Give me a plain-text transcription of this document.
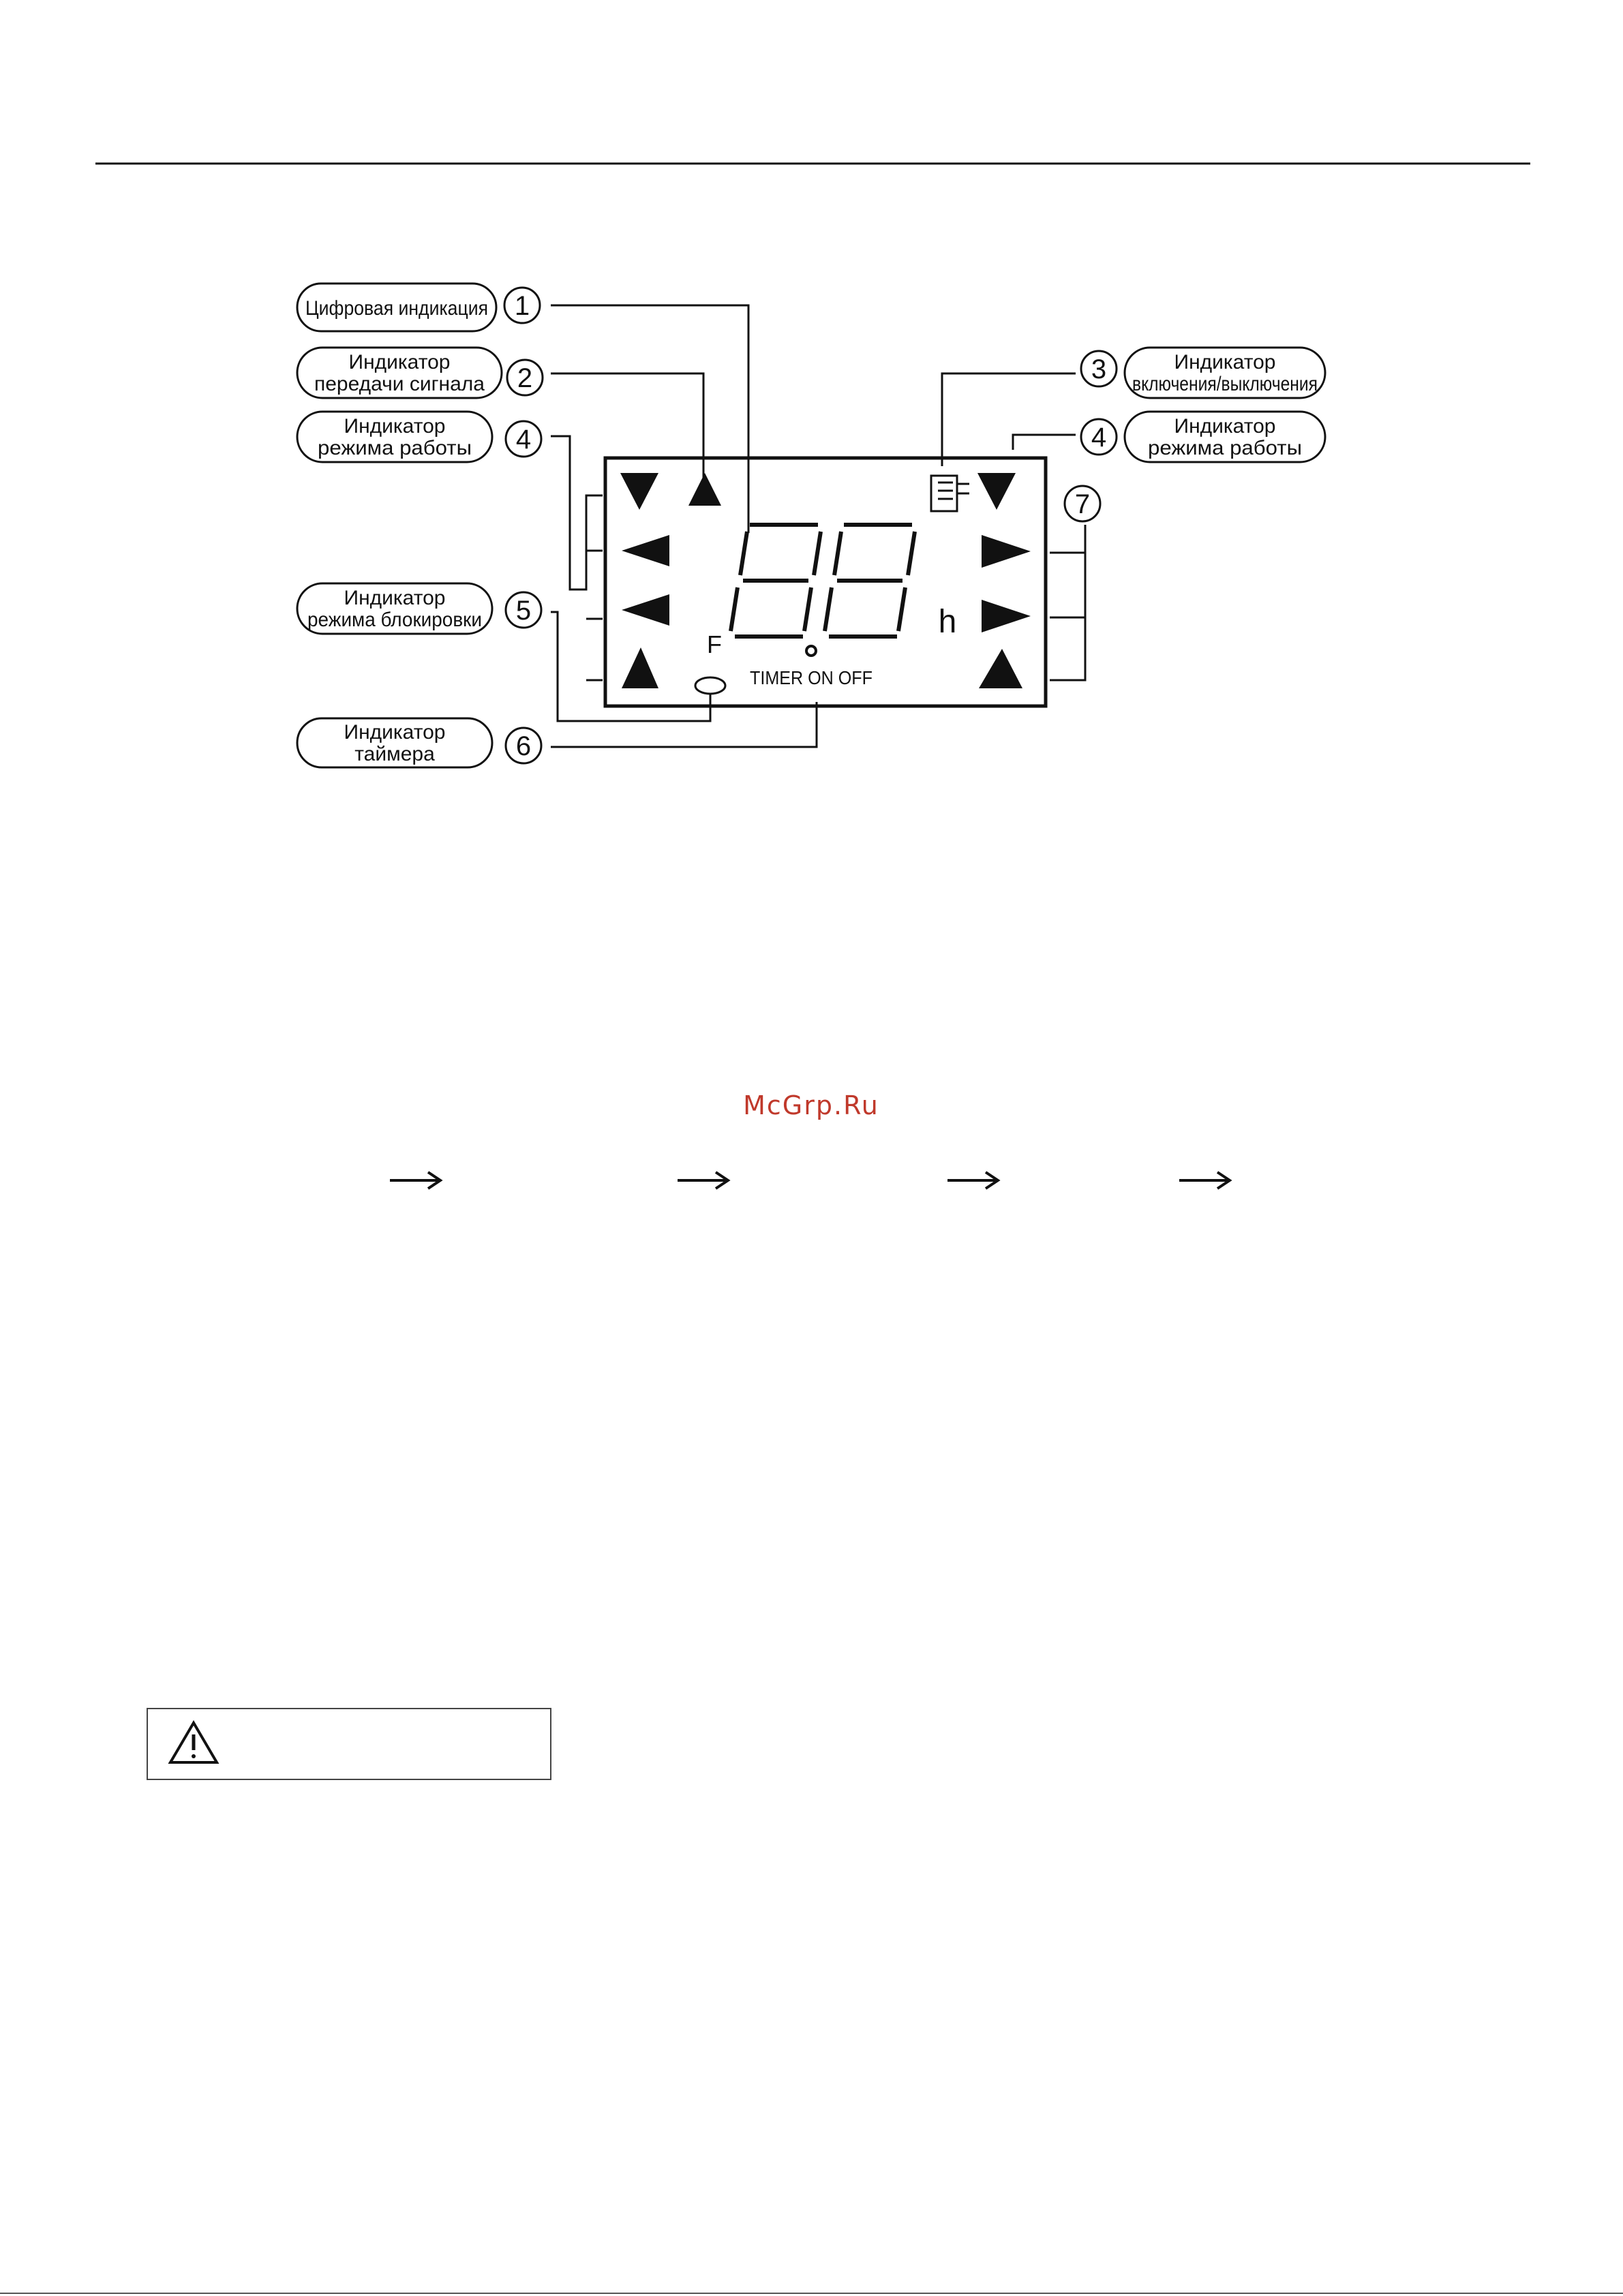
Цифровая индикация
Индикатор
передачи сигнала
Индикатор
режима работы
Индикатор
режима блокировки
Индикатор
таймера
Индикатор
включения/выключения
Индикатор
режима работы
1
2
4
5
6
3
4
7
h
F
TIMER ON OFF
McGrp.Ru
